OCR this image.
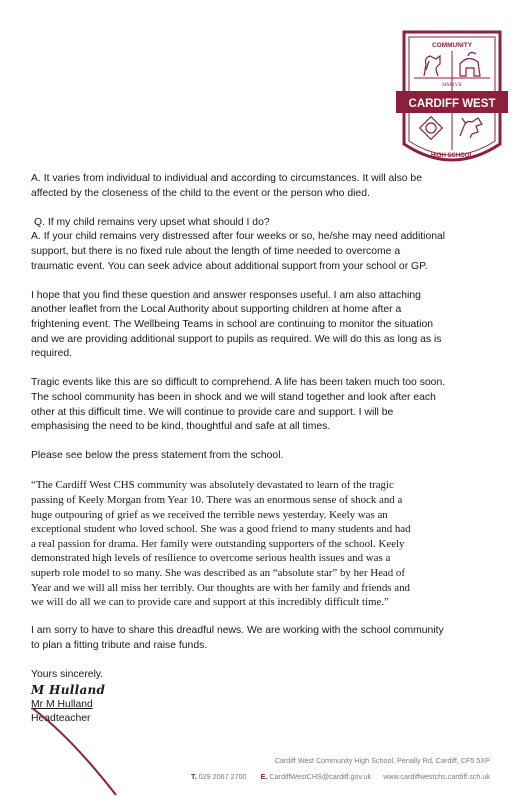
COMMUNITY
MMXVII
CARDIFF WEST
HIGH SCHOOL

A. It varies from individual to individual and according to circumstances. It will also be
affected by the closeness of the child to the event or the person who died.

Q. If my child remains very upset what should I do?
A. If your child remains very distressed after four weeks or so, he/she may need additional
support, but there is no fixed rule about the length of time needed to overcome a
traumatic event. You can seek advice about additional support from your school or GP.

I hope that you find these question and answer responses useful. I am also attaching
another leaflet from the Local Authority about supporting children at home after a
frightening event. The Wellbeing Teams in school are continuing to monitor the situation
and we are providing additional support to pupils as required. We will do this as long as is
required.

Tragic events like this are so difficult to comprehend. A life has been taken much too soon.
The school community has been in shock and we will stand together and look after each
other at this difficult time. We will continue to provide care and support. I will be
emphasising the need to be kind, thoughtful and safe at all times.

Please see below the press statement from the school.

“The Cardiff West CHS community was absolutely devastated to learn of the tragic
passing of Keely Morgan from Year 10. There was an enormous sense of shock and a
huge outpouring of grief as we received the terrible news yesterday. Keely was an
exceptional student who loved school. She was a good friend to many students and had
a real passion for drama. Her family were outstanding supporters of the school. Keely
demonstrated high levels of resilience to overcome serious health issues and was a
superb role model to so many. She was described as an “absolute star” by her Head of
Year and we will all miss her terribly. Our thoughts are with her family and friends and
we will do all we can to provide care and support at this incredibly difficult time.”

I am sorry to have to share this dreadful news. We are working with the school community
to plan a fitting tribute and raise funds.

Yours sincerely.
M Hulland
Mr M Hulland
Headteacher
Cardiff West Community High School, Penally Rd, Cardiff, CF5 5XP
T. 029 2067 2700 E. CardiffWestCHS@cardiff.gov.uk www.cardiffwestchs.cardiff.sch.uk
